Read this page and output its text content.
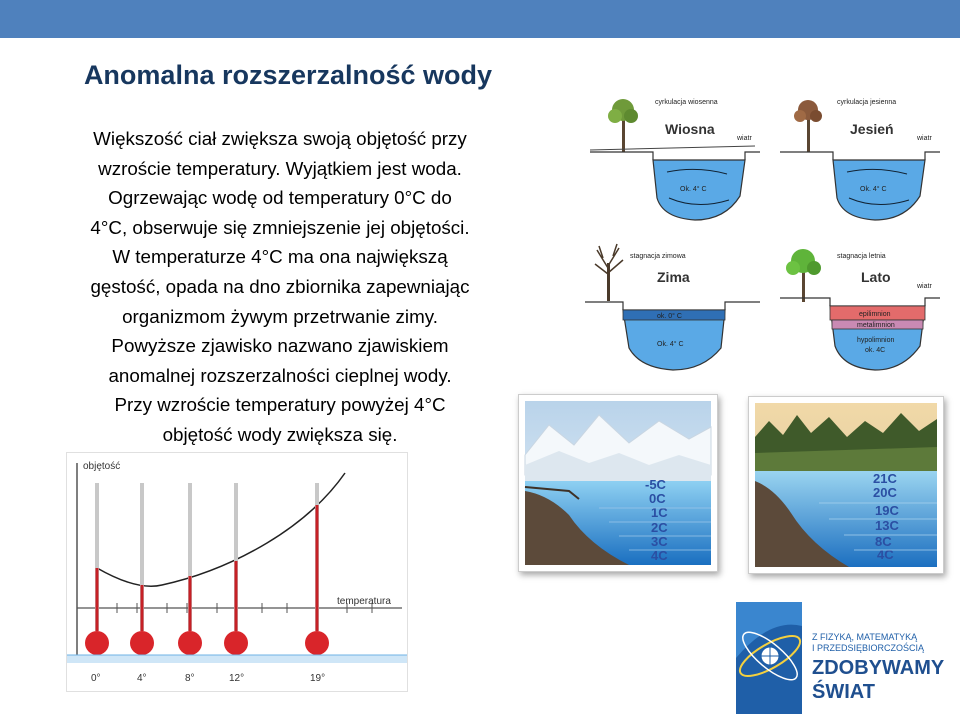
Anomalna rozszerzalność wody
Większość ciał zwiększa swoją objętość przy
wzroście temperatury. Wyjątkiem jest woda.
Ogrzewając wodę od temperatury 0°C do
4°C, obserwuje się zmniejszenie jej objętości.
W temperaturze 4°C ma ona największą
gęstość, opada na dno zbiornika zapewniając
organizmom żywym przetrwanie zimy.
Powyższe zjawisko nazwano zjawiskiem
anomalnej rozszerzalności cieplnej wody.
Przy wzroście temperatury powyżej 4°C
objętość wody zwiększa się.
cyrkulacja wiosenna
Wiosna
wiatr
Ok. 4° C
cyrkulacja jesienna
Jesień
wiatr
Ok. 4° C
stagnacja zimowa
Zima
ok. 0° C
Ok. 4° C
stagnacja letnia
Lato
wiatr
epilimnion
metalimnion
hypolimnion
ok. 4C
-5C
0C
1C
2C
3C
4C
21C
20C
19C
13C
8C
4C
objętość
temperatura
0°	4°	8°	12°	19°
Z FIZYKĄ, MATEMATYKĄ
I PRZEDSIĘBIORCZOŚCIĄ
ZDOBYWAMY
ŚWIAT
